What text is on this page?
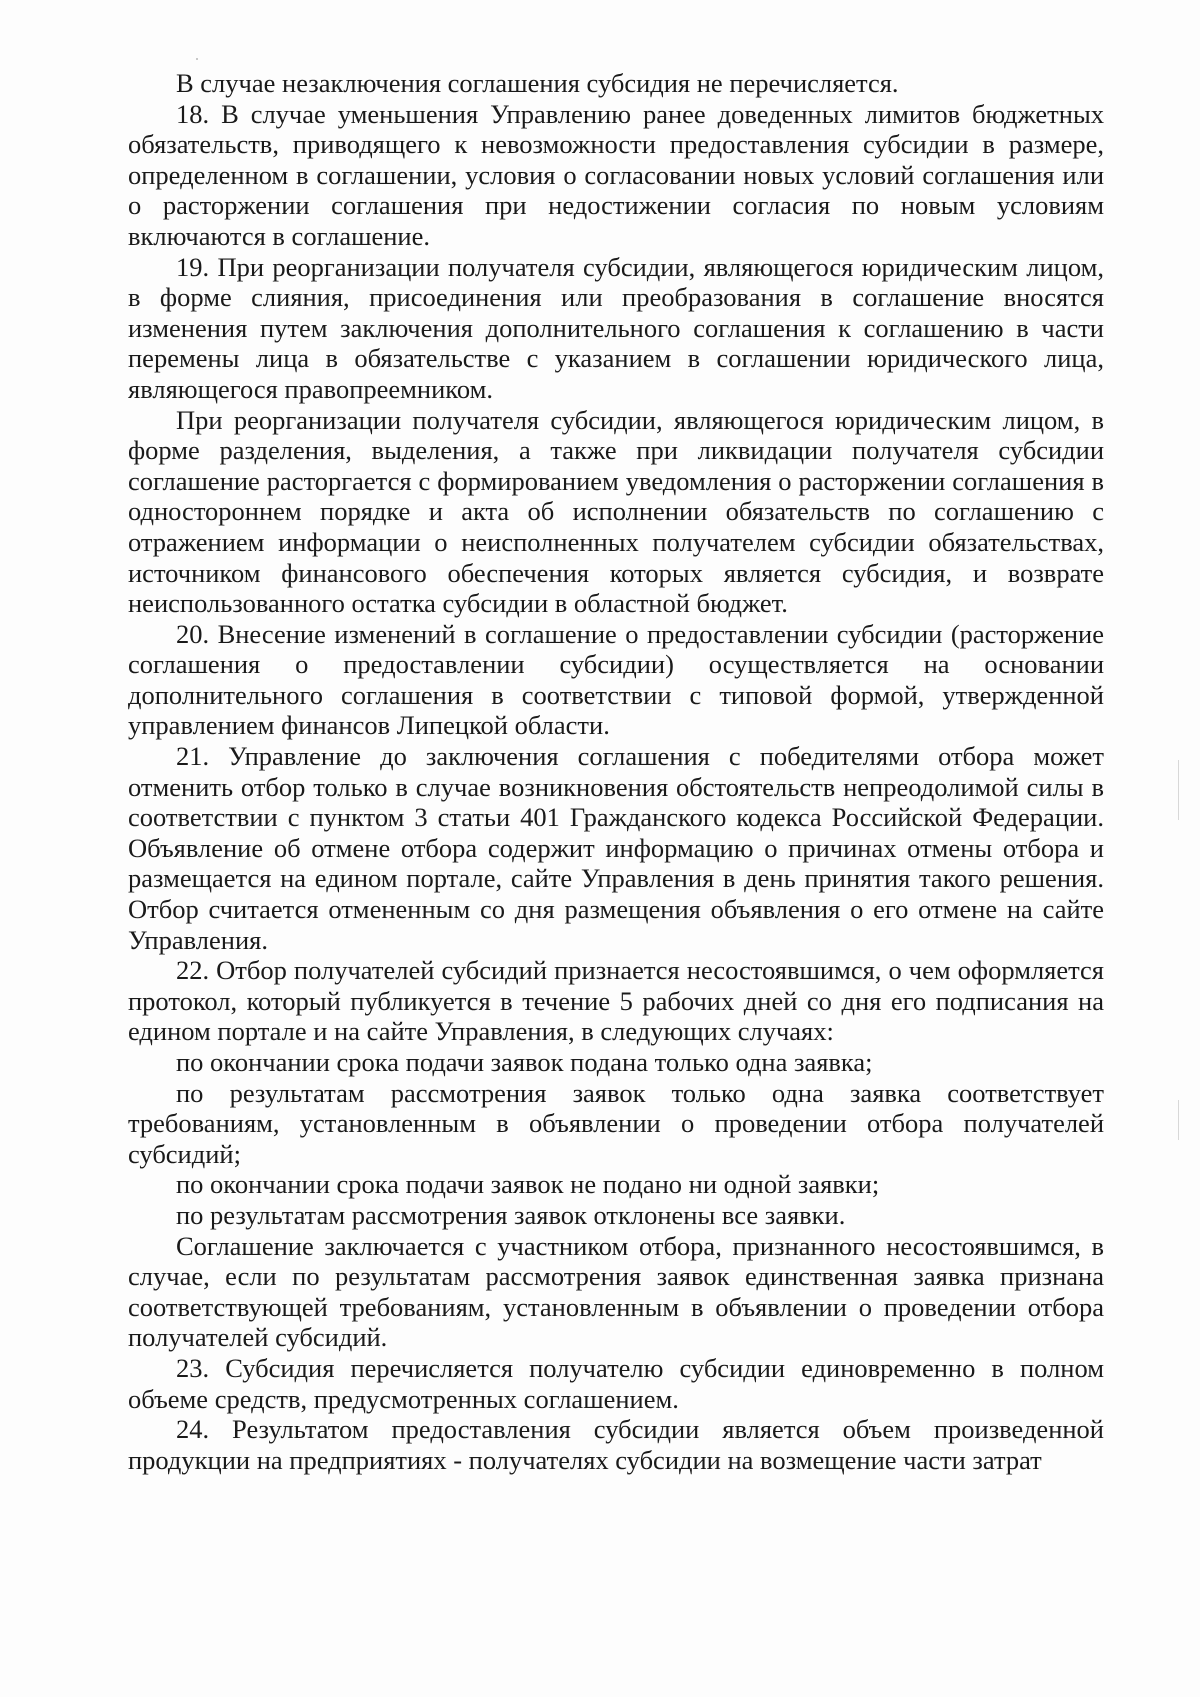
В случае незаключения соглашения субсидия не перечисляется.

18. В случае уменьшения Управлению ранее доведенных лимитов бюджетных обязательств, приводящего к невозможности предоставления субсидии в размере, определенном в соглашении, условия о согласовании новых условий соглашения или о расторжении соглашения при недостижении согласия по новым условиям включаются в соглашение.

19. При реорганизации получателя субсидии, являющегося юридическим лицом, в форме слияния, присоединения или преобразования в соглашение вносятся изменения путем заключения дополнительного соглашения к соглашению в части перемены лица в обязательстве с указанием в соглашении юридического лица, являющегося правопреемником.

При реорганизации получателя субсидии, являющегося юридическим лицом, в форме разделения, выделения, а также при ликвидации получателя субсидии соглашение расторгается с формированием уведомления о расторжении соглашения в одностороннем порядке и акта об исполнении обязательств по соглашению с отражением информации о неисполненных получателем субсидии обязательствах, источником финансового обеспечения которых является субсидия, и возврате неиспользованного остатка субсидии в областной бюджет.

20. Внесение изменений в соглашение о предоставлении субсидии (расторжение соглашения о предоставлении субсидии) осуществляется на основании дополнительного соглашения в соответствии с типовой формой, утвержденной управлением финансов Липецкой области.

21. Управление до заключения соглашения с победителями отбора может отменить отбор только в случае возникновения обстоятельств непреодолимой силы в соответствии с пунктом 3 статьи 401 Гражданского кодекса Российской Федерации. Объявление об отмене отбора содержит информацию о причинах отмены отбора и размещается на едином портале, сайте Управления в день принятия такого решения. Отбор считается отмененным со дня размещения объявления о его отмене на сайте Управления.

22. Отбор получателей субсидий признается несостоявшимся, о чем оформляется протокол, который публикуется в течение 5 рабочих дней со дня его подписания на едином портале и на сайте Управления, в следующих случаях:

по окончании срока подачи заявок подана только одна заявка;

по результатам рассмотрения заявок только одна заявка соответствует требованиям, установленным в объявлении о проведении отбора получателей субсидий;

по окончании срока подачи заявок не подано ни одной заявки;

по результатам рассмотрения заявок отклонены все заявки.

Соглашение заключается с участником отбора, признанного несостоявшимся, в случае, если по результатам рассмотрения заявок единственная заявка признана соответствующей требованиям, установленным в объявлении о проведении отбора получателей субсидий.

23. Субсидия перечисляется получателю субсидии единовременно в полном объеме средств, предусмотренных соглашением.

24. Результатом предоставления субсидии является объем произведенной продукции на предприятиях - получателях субсидии на возмещение части затрат
